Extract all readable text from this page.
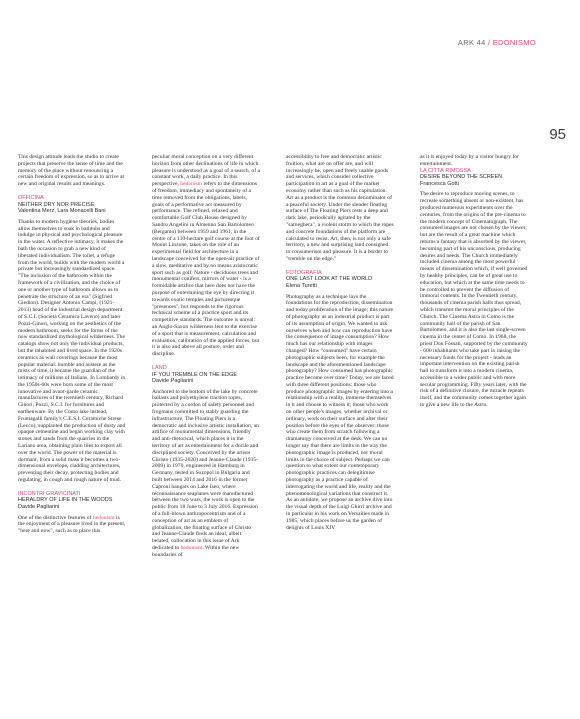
ARK 44 / EDONISMO
95

This design attitude leads the studio to create projects that preserve the sense of time and the memory of the place without renouncing a certain freedom of expression, so as to arrive at new and original results and meanings.

OFFICINA

NEITHER DRY NOR PRECISE

Valentina Merz, Lara Monacelli Bani

Thanks to modern hygiene theories, bodies allow themselves to soak in bathtubs and indulge in physical and psychological pleasure in the water. A reflective intimacy, it makes the bath the occasion to grab a new kind of liberated individualism. The toilet, a refuge from the world, builds with the modern world a private but increasingly standardized space. "The inclusion of the bathroom within the framework of a civilization, and the choice of one or another type of bathroom allows us to penetrate the structure of an era" (Sigfried Giedion). Designer Antonio Campi, (1921-2013) head of the industrial design department of S.C.I. (Società Ceramica Laveno) and later Pozzi-Ginori, working on the aesthetics of the modern bathroom, seeks for the forms of the now standardized mythological wilderness. The catalogs show not only the individual products, but the inhabited and lived space. In the 1920s ceramics as wall coverings because the most popular material: humble and austere as the mists of time, it became the guardian of the intimacy of millions of Italians. In Lombardy in the 1950s-60s were born some of the most innovative and avant-garde ceramic manufactures of the twentieth century, Richard Ginori, Pozzi, S.C.I. for furnitures and earthenware. By the Como lake instead, Frumagalli family's C.E.S.I. Ceramiche Strese (Lecco), supplanted the production of dusty and opaque cementine and began working clay with stones and sands from the quarries in the Lariano area, obtaining plain tiles to export all over the world. The power of the material is dormant, from a solid mass it becomes a two-dimensional envelope, cladding architectures, preventing their decay, protecting bodies and regulating, in cough and rough nature of mud.

INCONTRI GRAVICINATI

HERALDRY OF LIFE IN THE WOODS

Davide Pagliarini

One of the distinctive features of hedonism is the enjoyment of a pleasure lived in the present, "here and now", such as to place this

peculiar moral conception on a very different horizon from other declinations of life in which pleasure is understood as a goal of a search, of a constant work, a daily practice. In this perspective, hedonism refers to the dimensions of freedom, immediacy and spontaneity of a time removed from the obligations, labels, goals of a performative act measured by performance. The refined, relaxed and comfortable Golf Club House designed by Sandro Angelini in Almenno San Bartolomeo (Bergamo) between 1959 and 1961, in the centre of a 110-hectare golf course at the foot of Mount Linzone, takes on the role of an experimental field for architecture in a landscape conceived for the open-air practice of a slow, meditative and by no means aristocratic sport such as golf. Nature - deciduous trees and monumental conifers, mirrors of water - is a formidable artifice that here does not have the purpose of entertaining the eye by directing it towards exotic temples and picturesque "presences", but responds to the rigorous technical scheme of a practice sport and its competitive standards. The outcome is unreal: an Anglo-Saxon wilderness lent to the exercise of a sport that is measurement, calculation and evaluation, calibration of the applied forces, but it is also and above all posture, order and discipline.

LAND

IF YOU TREMBLE ON THE EDGE

Davide Pagliarini

Anchored to the bottom of the lake by concrete ballasts and polyethylene traction ropes, protected by a cordon of safety personnel and frogmans committed to stably guarding the infrastructure, The Floating Piers is a democratic and inclusive artistic installation, an artifice of monumental dimensions, friendly and anti-rhetorical, which places it in the territory of art as entertainment for a docile and disciplined society. Conceived by the artists Christo (1935-2020) and Jeanne-Claude (1935-2009) in 1970, engineered in Hamburg in Germany, tested in Sozopol in Bulgaria and built between 2014 and 2016 in the former Caproni hangars on Lake Iseo, where reconnaissance seaplanes were manufactured between the two wars, the work is open to the public from 18 June to 3 July 2016. Expression of a full-blown anthropocentrism and of a conception of art as an emblem of globalization, the floating surface of Christo and Jeanne-Claude finds an ideal, albeit belated, collocation in this issue of Ark dedicated to hedonism. Within the new boundaries of

accessibility to free and democratic artistic fruition, what are on offer are, and will increasingly be, open and freely usable goods and services, which consider collective participation in art as a goal of the market economy rather than such as his capitulation. Art as a product is the common denominator of a peaceful society. Under the slender floating surface of The Floating Piers rests a deep and dark lake, periodically agitated by the "sarneghera", a violent storm to which the ropes and concrete foundations of the platform are calculated to resist. Art, then, is not only a safe territory, a new and surprising land consigned to consumerism and pleasure. It is a border to "tremble on the edge."

FOTOGRAFIA

ONE LAST LOOK AT THE WORLD

Elena Turetti

Photography as a technique lays the foundations for the reproduction, dissemination and today proliferation of the image; this nature of photography as an industrial product is part of its assumption of origin. We wanted to ask ourselves when and how can reproduction have the consequence of image consumption? How much has our relationship with images changed? How "consumed" have certain photographic subjects been, for example the landscape and the aforementioned landscape photography? How consumed has photographic practice become over time? Today, we are faced with three different positions: those who produce photographic images by entering into a relationship with a reality, immerse themselves in it and choose to witness it; those who work on other people's images, whether archival or ordinary, work on their surface and alter their position before the eyes of the observer; those who create them from scratch following a dramaturgy conceived at the desk. We can no longer say that there are limits in the way the photographic image is produced, nor moral limits in the choice of subject. Perhaps we can question to what extent our contemporary photographic practices can delegitimise photography as a practice capable of interrogating the world and life, reality and the phenomenological variations that construct it. As an antidote, we propose an archive dive into the visual depth of the Luigi Ghirri archive and in particular in his work on Versailles made in 1985, which places before us the garden of delights of Louis XIV

as it is enjoyed today by a visitor hungry for entertainment.

LA CITTÀ RIMOSSA

DESIRE BEYOND THE SCREEN

Francesca Gotti

The desire to reproduce moving scenes, to recreate something absent or non-existent, has produced numerous experiments over the centuries, from the origins of the pre-cinema to the modern concept of Cinematograph. The consumed images are not chosen by the viewer, but are the result of a great machine which returns a fantasy that is absorbed by the viewer, becoming part of his unconscious, producing desires and needs. The Church immediately included cinema among the most powerful means of dissemination which, if well governed by healthy principles, can be of great use to education, but which at the same time needs to be controlled to prevent the diffusion of immoral contents. In the Twentieth century, thousands of cinema parish halls thus spread, which transmit the moral principles of the Church. The Cinema Astra in Como is the community hall of the parish of San Bartolomeo, and it is also the last single-screen cinema in the center of Como. In 1968, the priest Don Fossati, supported by the community - 600 inhabitants who take part in raising the necessary funds for the project - leads an important intervention on the existing parish hall to transform it into a modern cinema, accessible to a wider public and with more secular programming. Fifty years later, with the risk of a definitive closure, the miracle repeats itself, and the community comes together again to give a new life to the Astra.
